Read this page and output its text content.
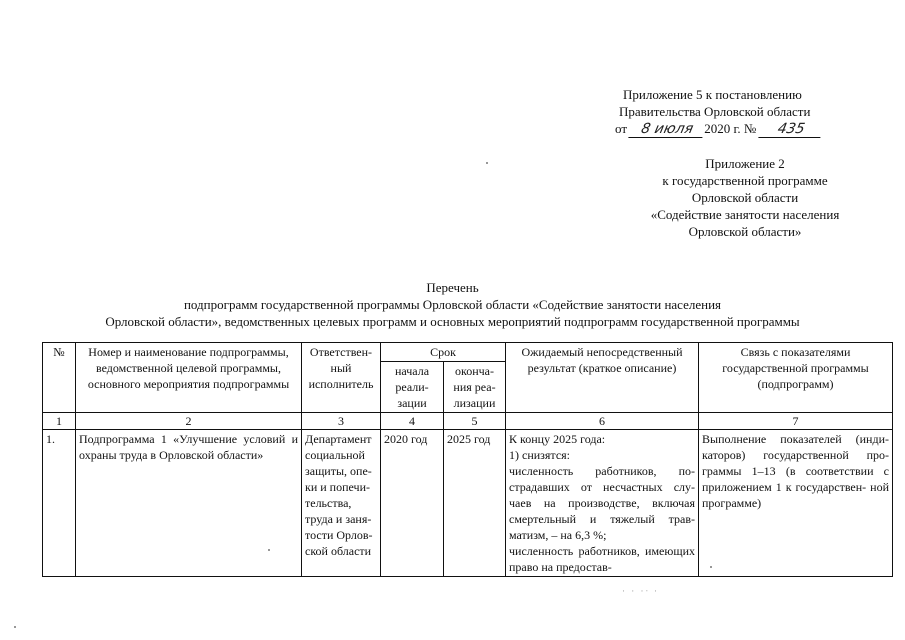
Приложение 5 к постановлению
Правительства Орловской области
от 8 июля 2020 г. № 435
Приложение 2
к государственной программе
Орловской области
«Содействие занятости населения
Орловской области»
Перечень
подпрограмм государственной программы Орловской области «Содействие занятости населения
Орловской области», ведомственных целевых программ и основных мероприятий подпрограмм государственной программы
№	Номер и наименование подпрограммы, ведомственной целевой программы, основного мероприятия подпрограммы	Ответствен- ный исполнитель	Срок		Ожидаемый непосредственный результат (краткое описание)	Связь с показателями государственной программы (подпрограмм)
			начала реали- зации	оконча- ния реа- лизации		
1	2	3	4	5	6	7
1.	Подпрограмма 1 «Улучшение условий и охраны труда в Орловской области»	Департамент социальной защиты, опе- ки и попечи- тельства, труда и заня- тости Орлов- ской области	2020 год	2025 год	К концу 2025 года:
1) снизятся:
численность работников, по- страдавших от несчастных слу- чаев на производстве, включая смертельный и тяжелый трав- матизм, – на 6,3 %;
численность работников, имеющих право на предостав-	Выполнение показателей (инди- каторов) государственной про- граммы 1–13 (в соответствии с приложением 1 к государствен- ной программе)
· · ·ᐧ ·
